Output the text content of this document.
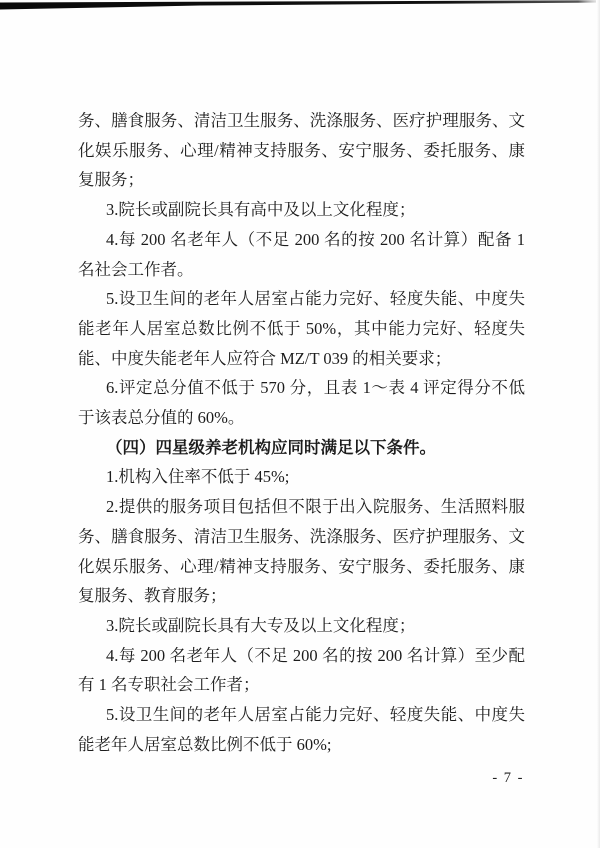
务、膳食服务、清洁卫生服务、洗涤服务、医疗护理服务、文化娱乐服务、心理/精神支持服务、安宁服务、委托服务、康复服务；

3.院长或副院长具有高中及以上文化程度；

4.每 200 名老年人（不足 200 名的按 200 名计算）配备 1 名社会工作者。

5.设卫生间的老年人居室占能力完好、轻度失能、中度失能老年人居室总数比例不低于 50%，其中能力完好、轻度失能、中度失能老年人应符合 MZ/T 039 的相关要求；

6.评定总分值不低于 570 分，且表 1～表 4 评定得分不低于该表总分值的 60%。

（四）四星级养老机构应同时满足以下条件。

1.机构入住率不低于 45%;

2.提供的服务项目包括但不限于出入院服务、生活照料服务、膳食服务、清洁卫生服务、洗涤服务、医疗护理服务、文化娱乐服务、心理/精神支持服务、安宁服务、委托服务、康复服务、教育服务；

3.院长或副院长具有大专及以上文化程度；

4.每 200 名老年人（不足 200 名的按 200 名计算）至少配有 1 名专职社会工作者；

5.设卫生间的老年人居室占能力完好、轻度失能、中度失能老年人居室总数比例不低于 60%;

- 7 -
